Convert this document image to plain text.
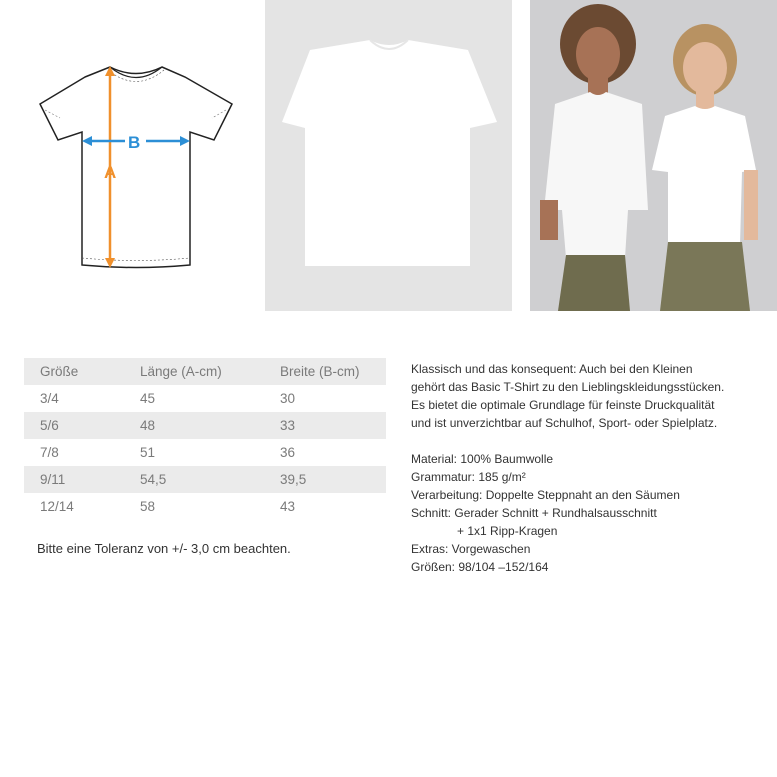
A
B
Größe	Länge (A-cm)	Breite (B-cm)
3/4	45	30
5/6	48	33
7/8	51	36
9/11	54,5	39,5
12/14	58	43
Bitte eine Toleranz von +/- 3,0 cm beachten.

Klassisch und das konsequent: Auch bei den Kleinen

gehört das Basic T-Shirt zu den Lieblingskleidungsstücken.

Es bietet die optimale Grundlage für feinste Druckqualität

und ist unverzichtbar auf Schulhof, Sport- oder Spielplatz.

Material: 100% Baumwolle

Grammatur: 185 g/m²

Verarbeitung: Doppelte Steppnaht an den Säumen

Schnitt: Gerader Schnitt + Rundhalsausschnitt

+ 1x1 Ripp-Kragen

Extras: Vorgewaschen

Größen: 98/104 –152/164
